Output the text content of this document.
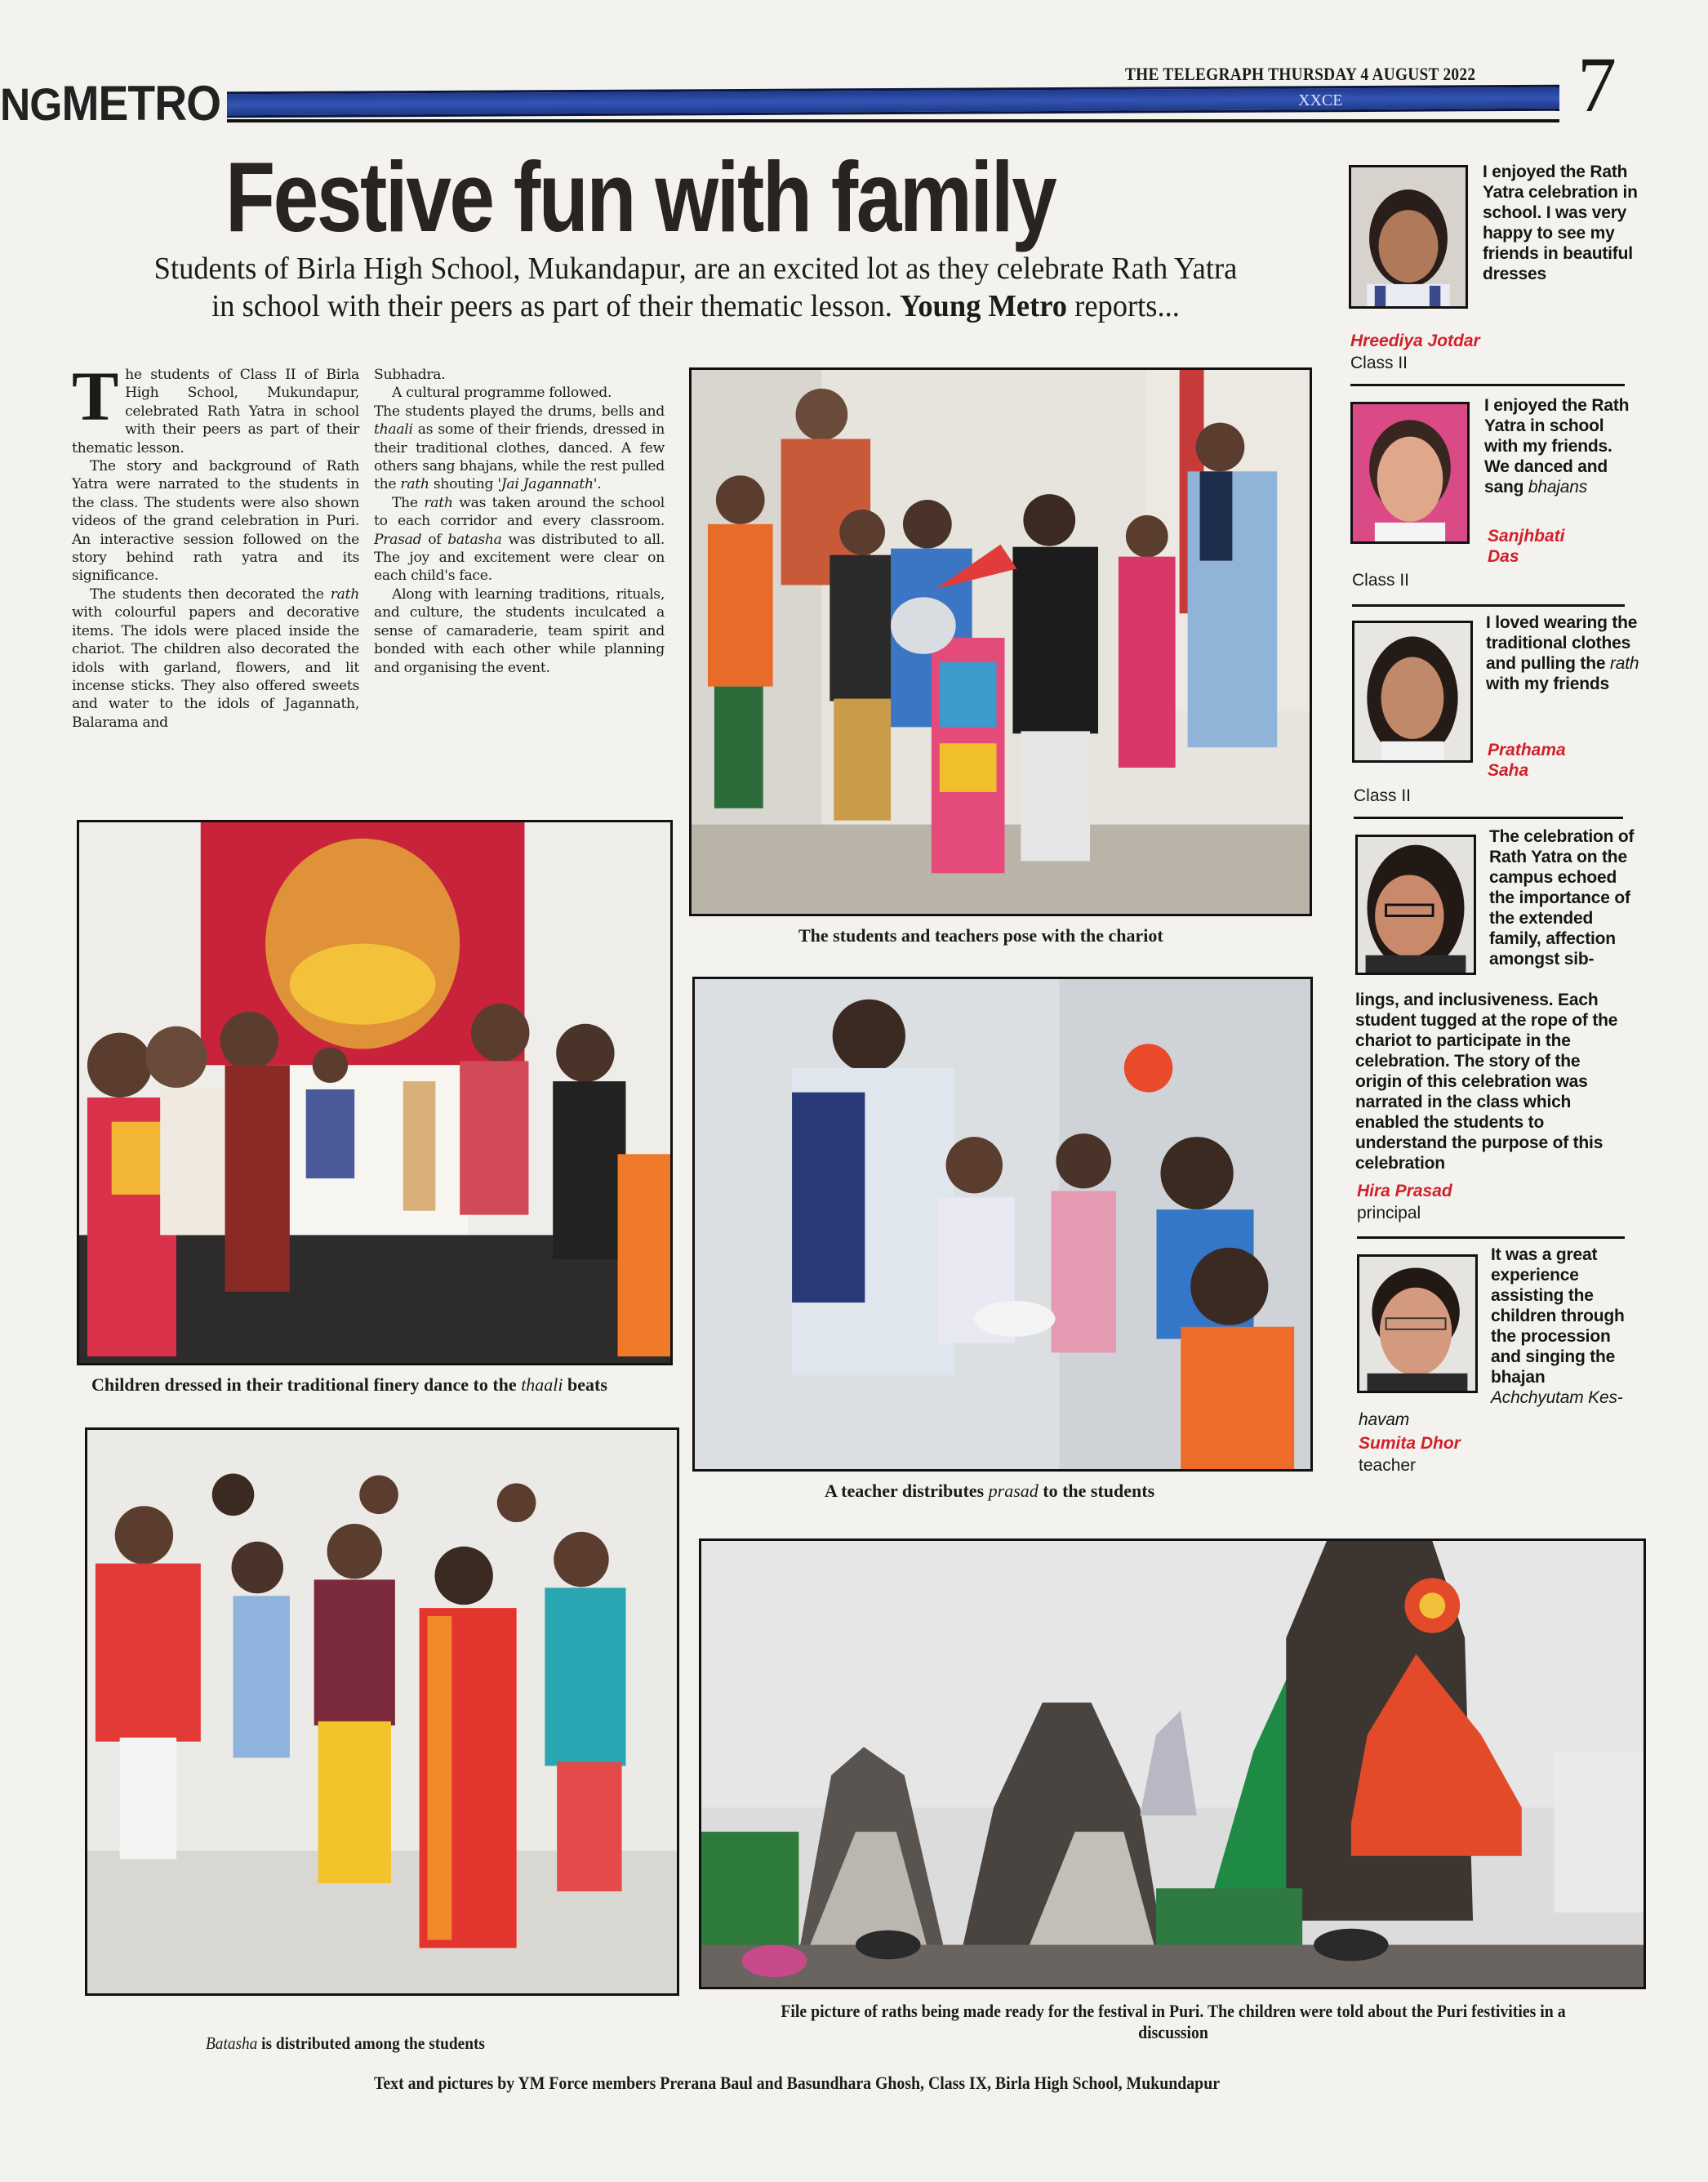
NGMETRO
THE TELEGRAPH THURSDAY 4 AUGUST 2022
XXCE	7
Festive fun with family
Students of Birla High School, Mukandapur, are an excited lot as they celebrate Rath Yatra
in school with their peers as part of their thematic lesson. Young Metro reports...

The students of Class II of Birla High School, Mukundapur, celebrated Rath Yatra in school with their peers as part of their thematic lesson.

The story and background of Rath Yatra were narrated to the students in the class. The students were also shown videos of the grand celebration in Puri. An interactive session followed on the story behind rath yatra and its significance.

The students then decorated the rath with colourful papers and decorative items. The idols were placed inside the chariot. The children also decorated the idols with garland, flowers, and lit incense sticks. They also offered sweets and water to the idols of Jagannath, Balarama and

Subhadra.

A cultural programme followed.

The students played the drums, bells and thaali as some of their friends, dressed in their traditional clothes, danced. A few others sang bhajans, while the rest pulled the rath shouting 'Jai Jagannath'.

The rath was taken around the school to each corridor and every classroom. Prasad of batasha was distributed to all. The joy and excitement were clear on each child's face.

Along with learning traditions, rituals, and culture, the students inculcated a sense of camaraderie, team spirit and bonded with each other while planning and organising the event.

The students and teachers pose with the chariot
Children dressed in their traditional finery dance to the thaali beats
A teacher distributes prasad to the students
Batasha is distributed among the students
File picture of raths being made ready for the festival in Puri. The children were told about the Puri festivities in a discussion
Text and pictures by YM Force members Prerana Baul and Basundhara Ghosh, Class IX, Birla High School, Mukundapur
I enjoyed the Rath Yatra celebration in school. I was very happy to see my friends in beautiful dresses
Hreediya Jotdar
Class II
I enjoyed the Rath Yatra in school with my friends. We danced and sang bhajans
Sanjhbati
Das
Class II
I loved wearing the traditional clothes and pulling the rath with my friends
Prathama
Saha
Class II
The celebration of Rath Yatra on the campus echoed the importance of the extended family, affection amongst sib-
lings, and inclusiveness. Each student tugged at the rope of the chariot to participate in the celebration. The story of the origin of this celebration was narrated in the class which enabled the students to understand the purpose of this celebration
Hira Prasad
principal
It was a great experience assisting the children through the procession and singing the bhajan Achchyutam Kes-
havam
Sumita Dhor
teacher
